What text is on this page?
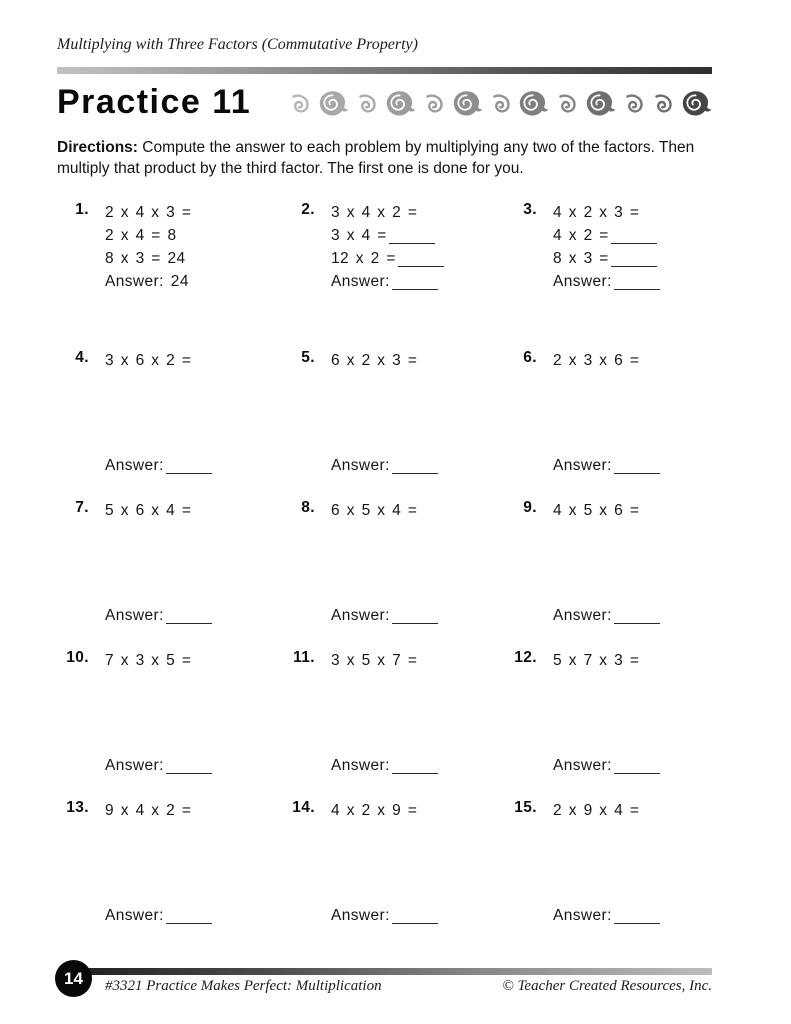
Multiplying with Three Factors (Commutative Property)
Practice 11
Directions: Compute the answer to each problem by multiplying any two of the factors. Then multiply that product by the third factor. The first one is done for you.
1. 2 x 4 x 3 =
2 x 4 = 8
8 x 3 = 24
Answer: 24
2. 3 x 4 x 2 =
3 x 4 =
12 x 2 =
Answer:
3. 4 x 2 x 3 =
4 x 2 =
8 x 3 =
Answer:
4. 3 x 6 x 2 =
Answer:
5. 6 x 2 x 3 =
Answer:
6. 2 x 3 x 6 =
Answer:
7. 5 x 6 x 4 =
Answer:
8. 6 x 5 x 4 =
Answer:
9. 4 x 5 x 6 =
Answer:
10. 7 x 3 x 5 =
Answer:
11. 3 x 5 x 7 =
Answer:
12. 5 x 7 x 3 =
Answer:
13. 9 x 4 x 2 =
Answer:
14. 4 x 2 x 9 =
Answer:
15. 2 x 9 x 4 =
Answer:
14 #3321 Practice Makes Perfect: Multiplication	© Teacher Created Resources, Inc.
